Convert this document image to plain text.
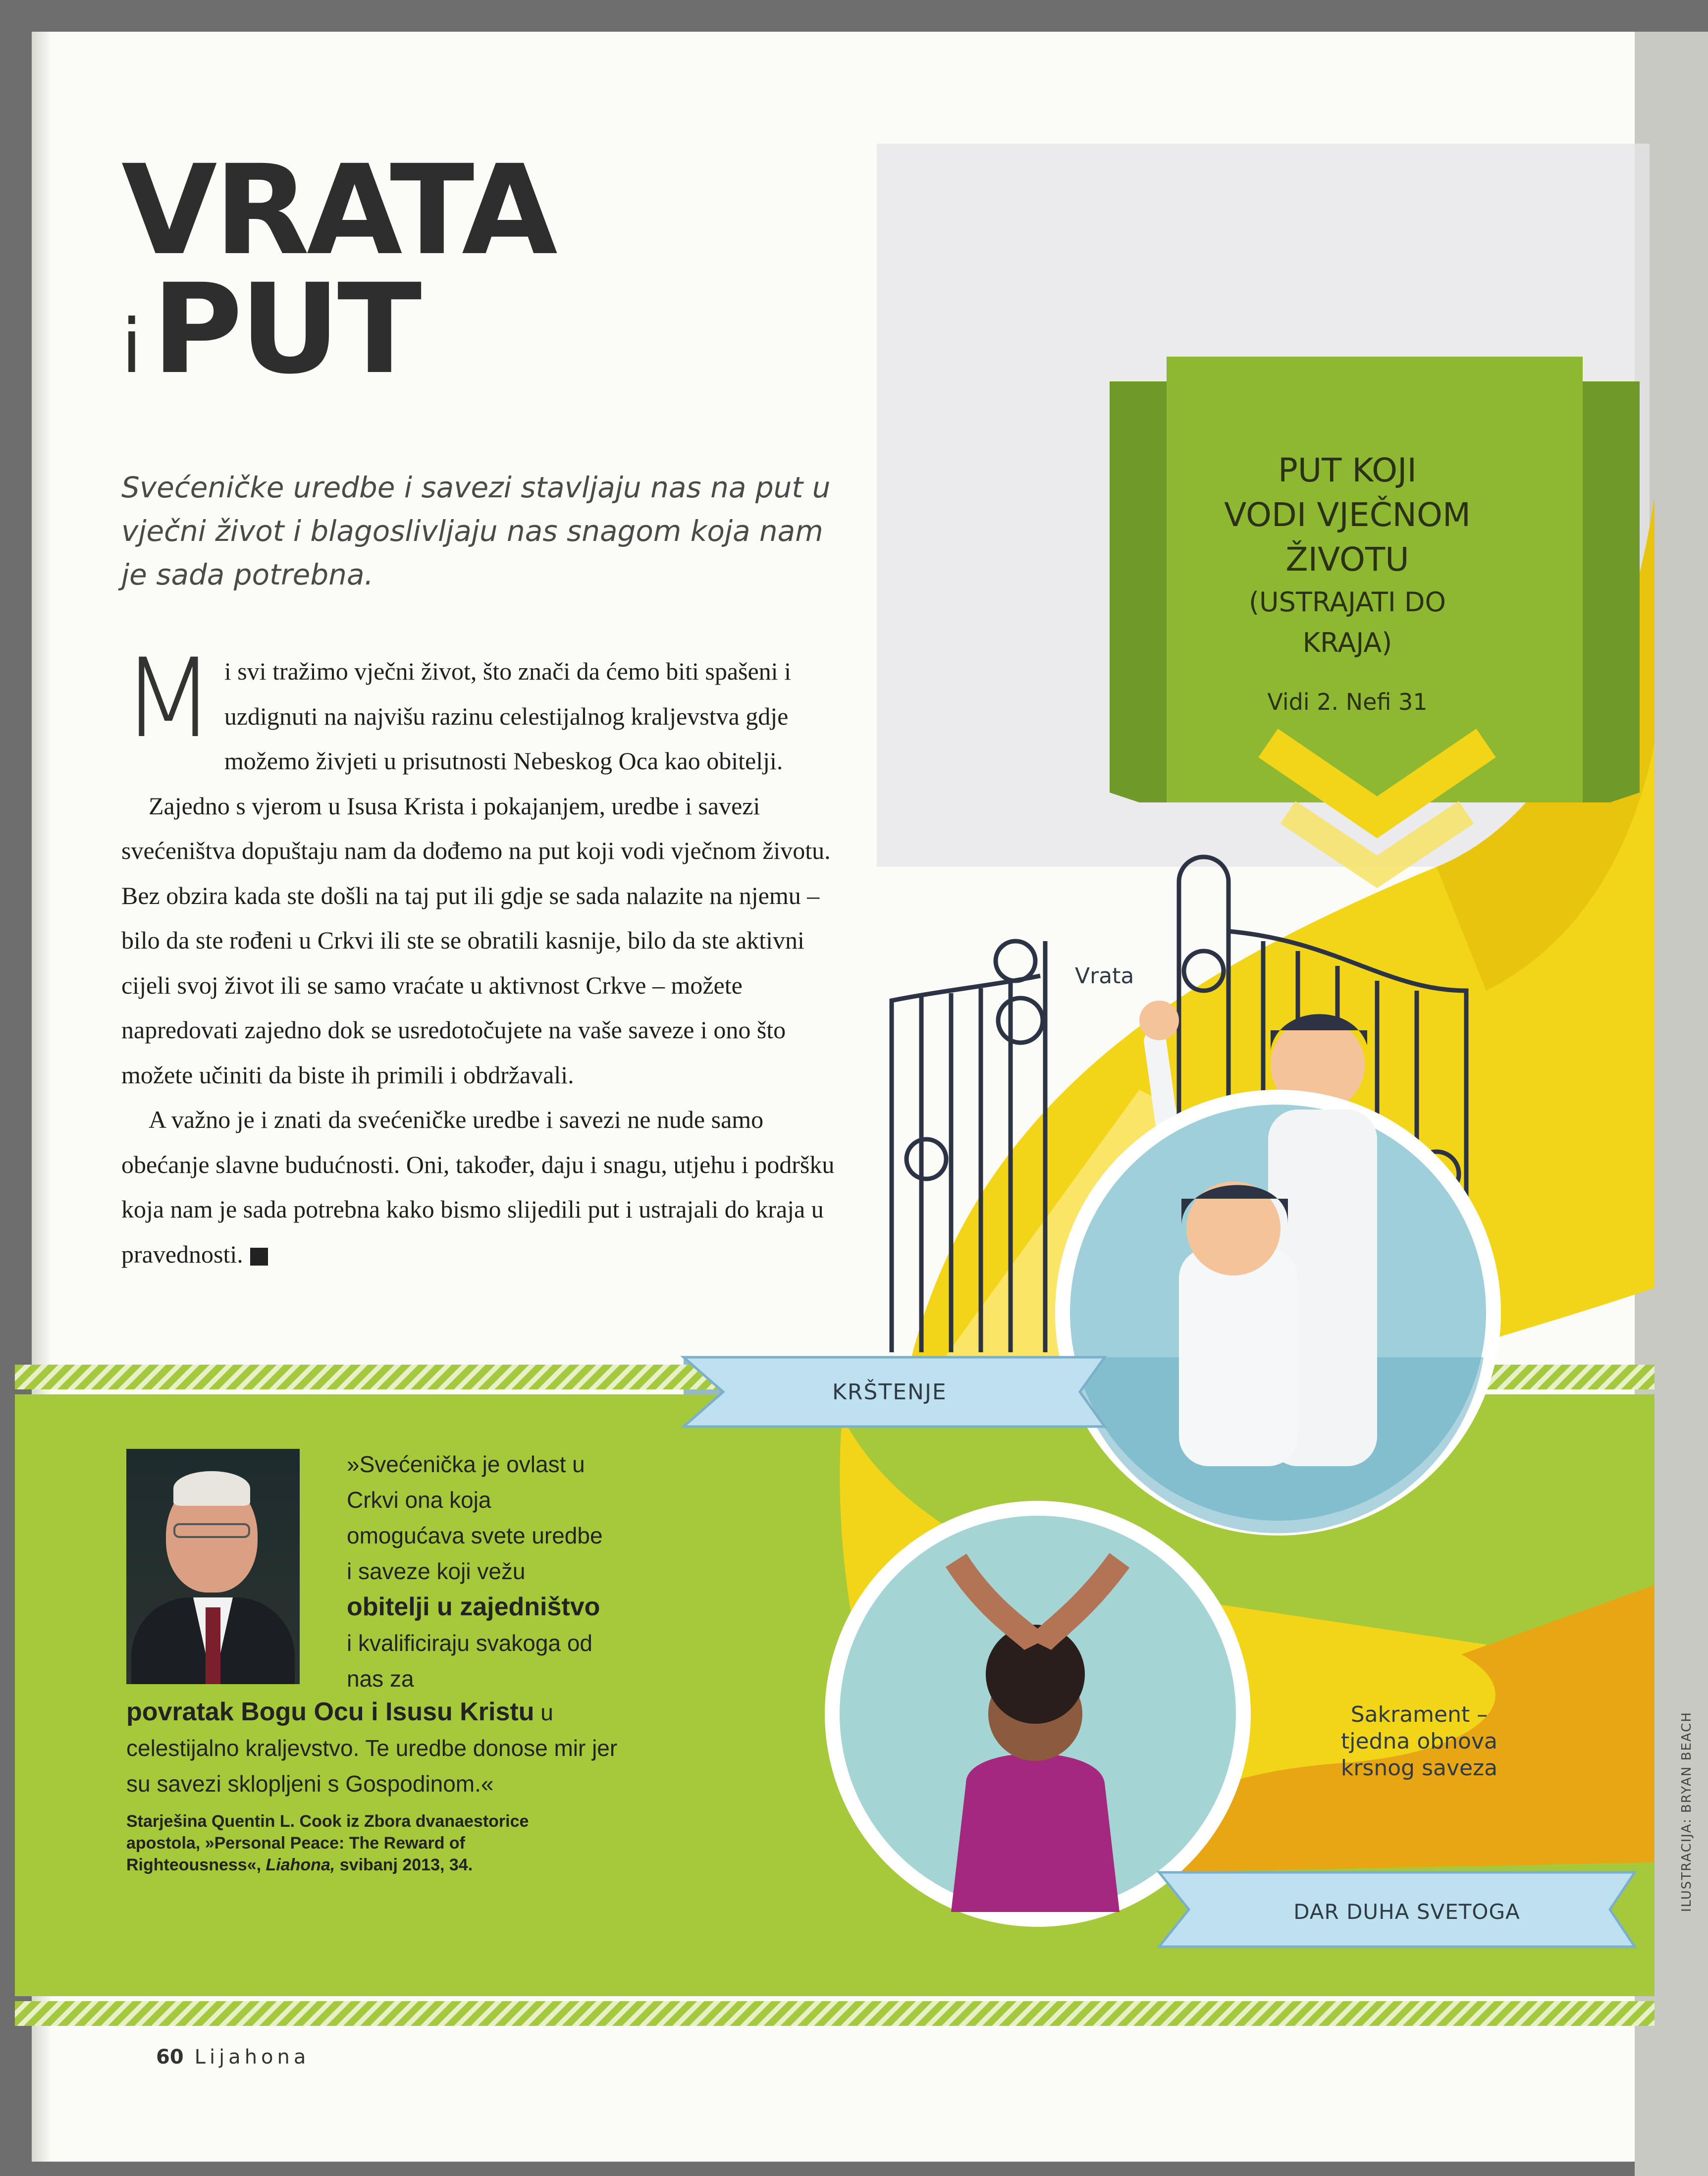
VRATA
iPUT
Svećeničke uredbe i savezi stavljaju nas na put u vječni život i blagoslivljaju nas snagom koja nam je sada potrebna.

Mi svi tražimo vječni život, što znači da ćemo biti spašeni i uzdignuti na najvišu razinu celestijalnog kraljevstva gdje možemo živjeti u prisutnosti Nebeskog Oca kao obitelji.

Zajedno s vjerom u Isusa Krista i pokajanjem, uredbe i savezi svećeništva dopuštaju nam da dođemo na put koji vodi vječnom životu. Bez obzira kada ste došli na taj put ili gdje se sada nalazite na njemu – bilo da ste rođeni u Crkvi ili ste se obratili kasnije, bilo da ste aktivni cijeli svoj život ili se samo vraćate u aktivnost Crkve – možete napredovati zajedno dok se usredotočujete na vaše saveze i ono što možete učiniti da biste ih primili i obdržavali.

A važno je i znati da svećeničke uredbe i savezi ne nude samo obećanje slavne budućnosti. Oni, također, daju i snagu, utjehu i podršku koja nam je sada potrebna kako bismo slijedili put i ustrajali do kraja u pravednosti.

»Svećenička je ovlast u Crkvi ona koja omogućava svete uredbe i saveze koji vežu obitelji u zajedništvo i kvalificiraju svakoga od nas za
povratak Bogu Ocu i Isusu Kristu u celestijalno kraljevstvo. Te uredbe donose mir jer su savezi sklopljeni s Gospodinom.«
Starješina Quentin L. Cook iz Zbora dvanaestorice apostola, »Personal Peace: The Reward of Righteousness«, Liahona, svibanj 2013, 34.
PUT KOJI
VODI VJEČNOM
ŽIVOTU
(USTRAJATI DO
KRAJA)
Vidi 2. Nefi 31
Vrata
KRŠTENJE
Sakrament –
tjedna obnova
krsnog saveza
DAR DUHA SVETOGA
60 Lijahona
ILUSTRACIJA: BRYAN BEACH
